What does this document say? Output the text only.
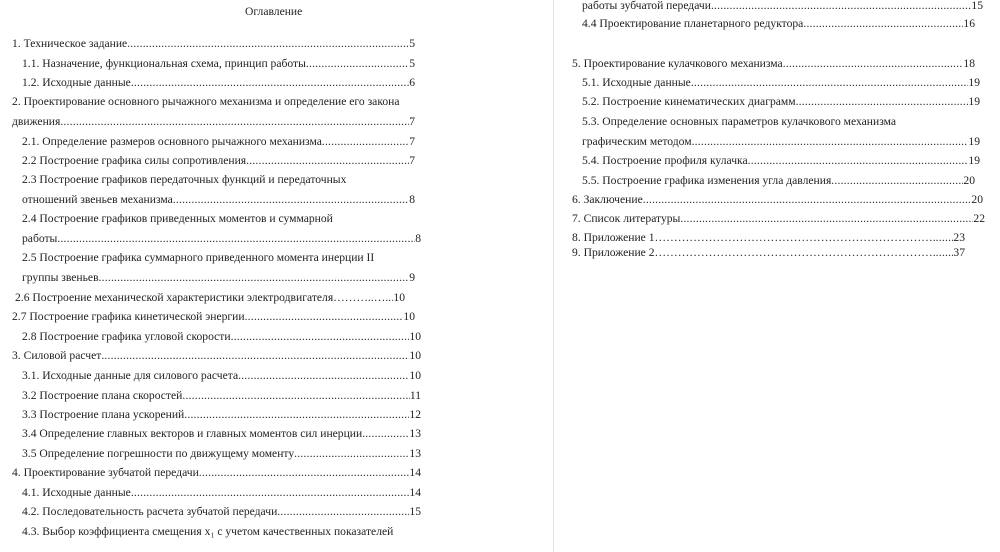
Оглавление
1. Техническое задание .....	5
1.1. Назначение, функциональная схема, принцип работы .....	5
1.2. Исходные данные .....	6
2. Проектирование основного рычажного механизма и определение его закона
движения .....	7
2.1. Определение размеров основного рычажного механизма .....	7
2.2 Построение графика силы сопротивления .....	7
2.3 Построение графиков передаточных функций и передаточных
отношений звеньев механизма .....	8
2.4 Построение графиков приведенных моментов и суммарной
работы .....	8
2.5 Построение графика суммарного приведенного момента инерции II
группы звеньев .....	9
2.6 Построение механической характеристики электродвигателя………..…. ..... 10
2.7 Построение графика кинетической энергии .....	10
2.8 Построение графика угловой скорости .....	10
3. Силовой расчет .....	10
3.1. Исходные данные для силового расчета .....	10
3.2 Построение плана скоростей .....	11
3.3 Построение плана ускорений .....	12
3.4 Определение главных векторов и главных моментов сил инерции .....	13
3.5 Определение погрешности по движущему моменту .....	13
4. Проектирование зубчатой передачи .....	14
4.1. Исходные данные .....	14
4.2. Последовательность расчета зубчатой передачи .....	15
4.3. Выбор коэффициента смещения x₁ с учетом качественных показателей
работы зубчатой передачи .....	15
4.4 Проектирование планетарного редуктора .....	16
5. Проектирование кулачкового механизма .....	18
5.1. Исходные данные .....	19
5.2. Построение кинематических диаграмм .....	19
5.3. Определение основных параметров кулачкового механизма
графическим методом .....	19
5.4. Построение профиля кулачка .....	19
5.5. Построение графика изменения угла давления .....	20
6. Заключение .....	20
7. Список литературы .....	22
8. Приложение 1………………………………………………………………. ..... 23
9. Приложение 2………………………………………………………………. ..... 37
